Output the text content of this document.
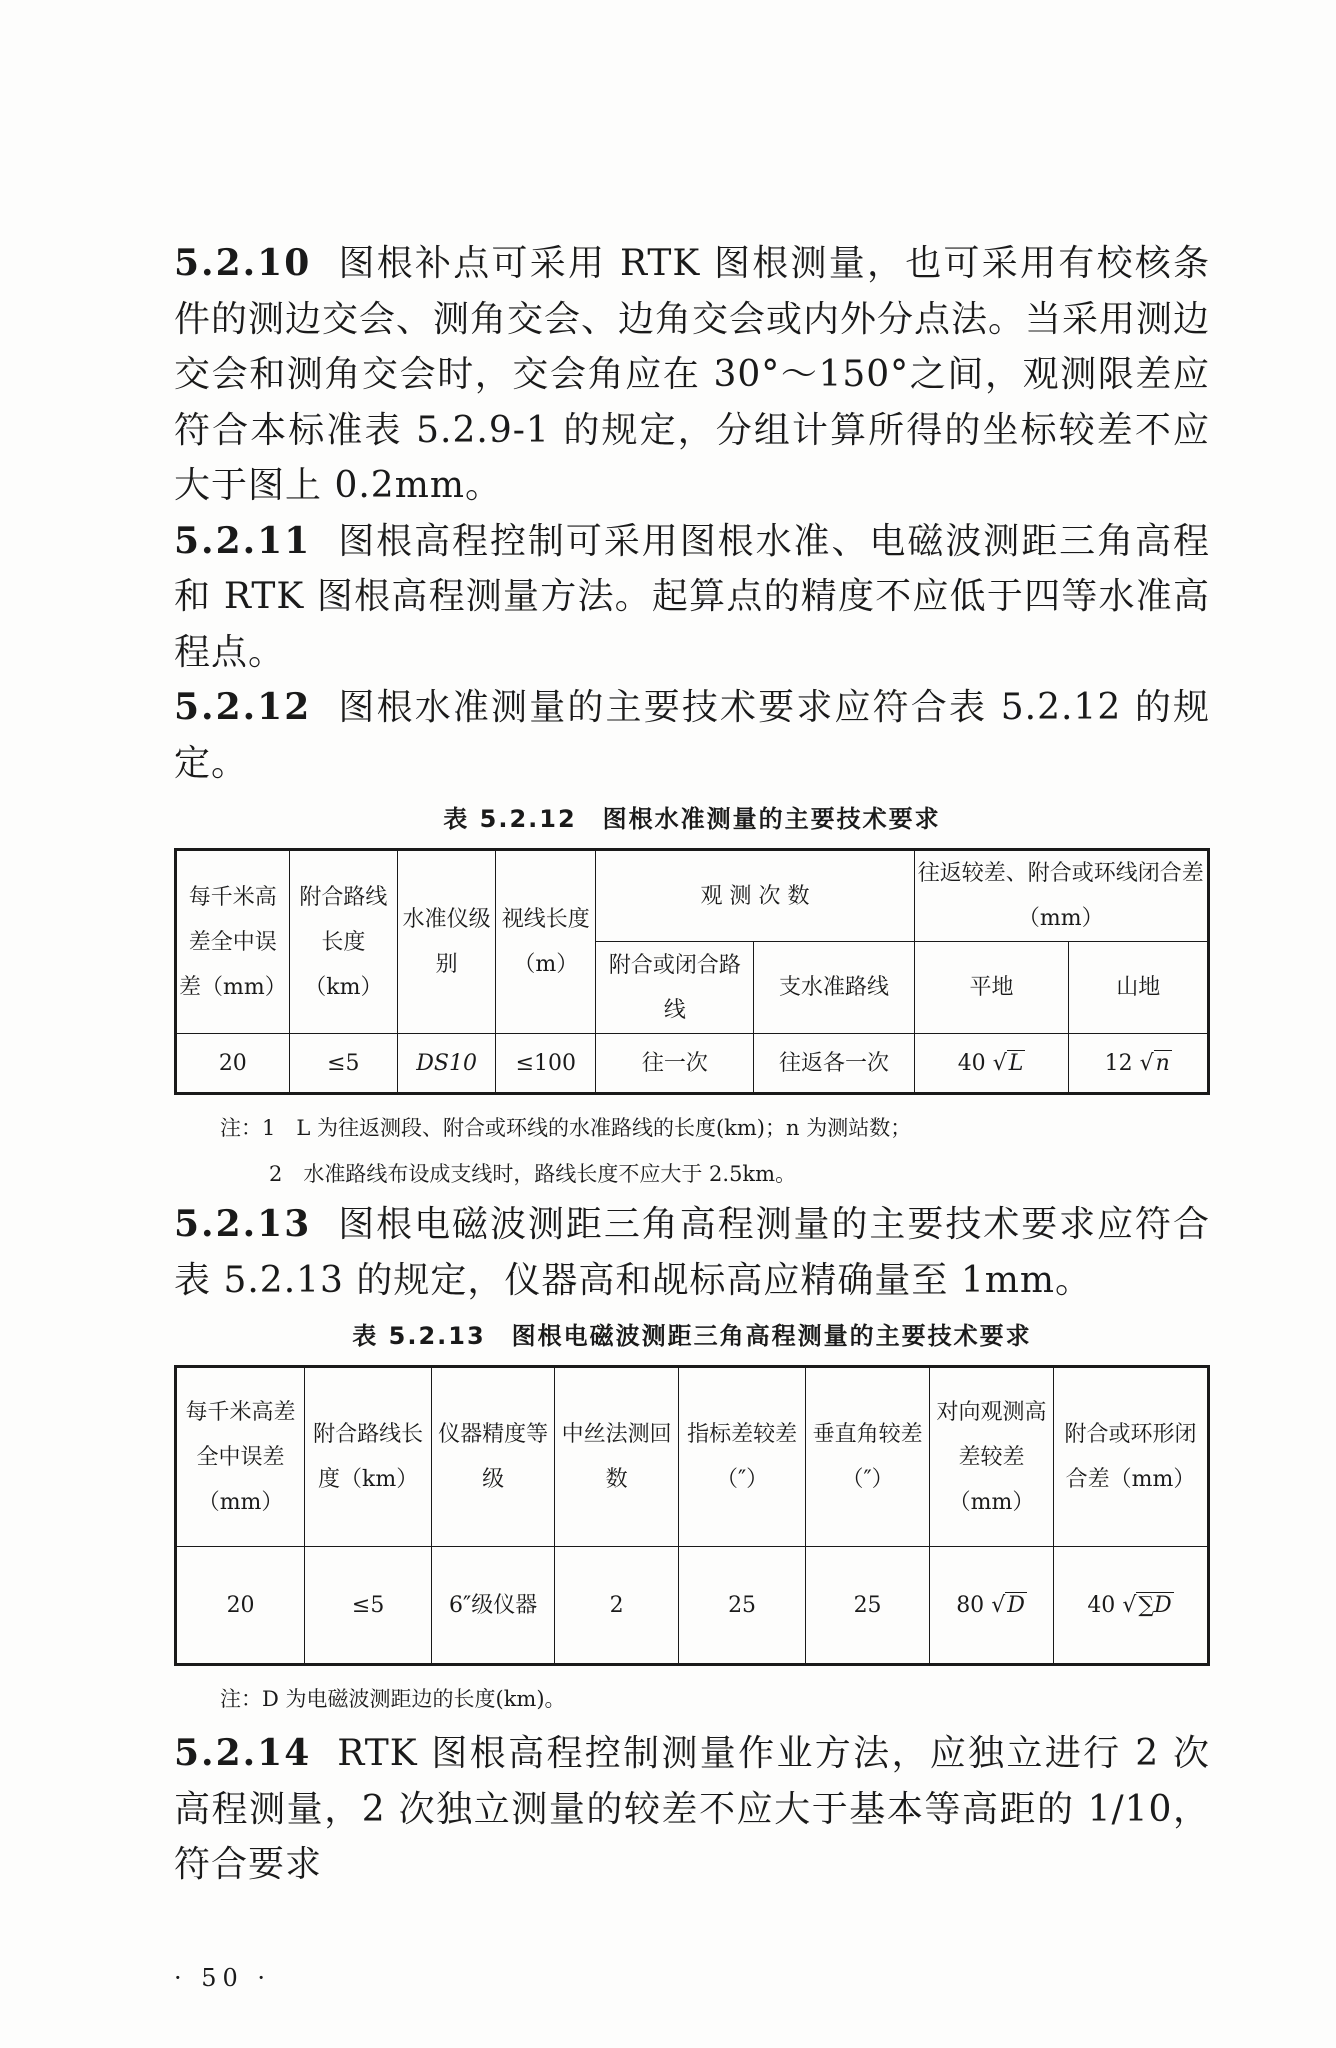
5.2.10 图根补点可采用 RTK 图根测量，也可采用有校核条件的测边交会、测角交会、边角交会或内外分点法。当采用测边交会和测角交会时，交会角应在 30°～150°之间，观测限差应符合本标准表 5.2.9-1 的规定，分组计算所得的坐标较差不应大于图上 0.2mm。

5.2.11 图根高程控制可采用图根水准、电磁波测距三角高程和 RTK 图根高程测量方法。起算点的精度不应低于四等水准高程点。

5.2.12 图根水准测量的主要技术要求应符合表 5.2.12 的规定。

表 5.2.12　图根水准测量的主要技术要求
每千米高差全中误差（mm）	附合路线长度（km）	水准仪级别	视线长度（m）	观 测 次 数		往返较差、附合或环线闭合差（mm）	
				附合或闭合路线	支水准路线	平地	山地
20	≤5	DS10	≤100	往一次	往返各一次	40 √L	12 √n

注：1　L 为往返测段、附合或环线的水准路线的长度(km)；n 为测站数；

2　水准路线布设成支线时，路线长度不应大于 2.5km。

5.2.13 图根电磁波测距三角高程测量的主要技术要求应符合表 5.2.13 的规定，仪器高和觇标高应精确量至 1mm。

表 5.2.13　图根电磁波测距三角高程测量的主要技术要求
每千米高差全中误差（mm）	附合路线长度（km）	仪器精度等级	中丝法测回数	指标差较差（″）	垂直角较差（″）	对向观测高差较差（mm）	附合或环形闭合差（mm）
20	≤5	6″级仪器	2	25	25	80 √D	40 √∑D

注：D 为电磁波测距边的长度(km)。

5.2.14 RTK 图根高程控制测量作业方法，应独立进行 2 次高程测量，2 次独立测量的较差不应大于基本等高距的 1/10，符合要求

· 50 ·
